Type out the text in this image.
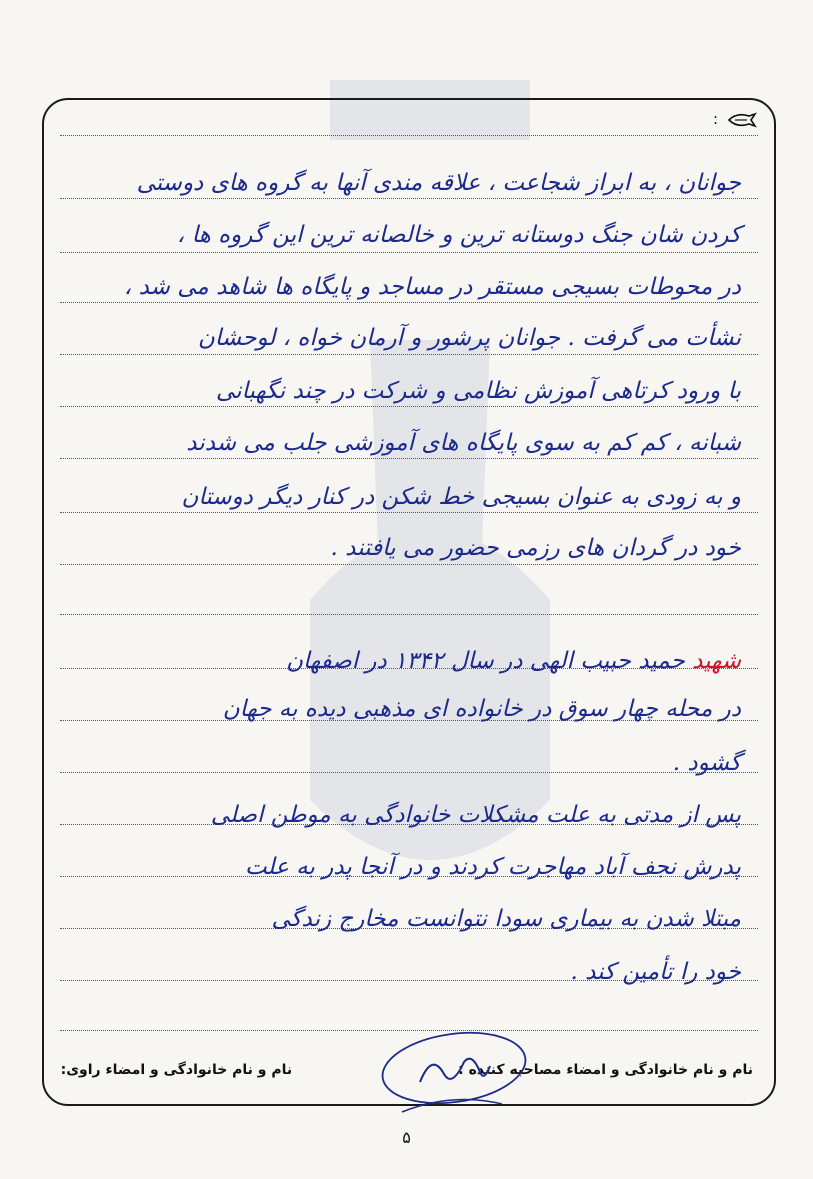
:
جوانان ، به ابراز شجاعت ، علاقه مندی آنها به گروه های دوستی
کردن شان جنگ دوستانه ترین و خالصانه ترین این گروه ها ،
در محوطات بسیجی مستقر در مساجد و پایگاه ها شاهد می شد ،
نشأت می گرفت . جوانان پرشور و آرمان خواه ، لوحشان
با ورود کرتاهی آموزش نظامی و شرکت در چند نگهبانی
شبانه ، کم کم به سوی پایگاه های آموزشی جلب می شدند
و به زودی به عنوان بسیجی خط شکن در کنار دیگر دوستان
خود در گردان های رزمی حضور می یافتند .
شهید حمید حبیب الهی در سال ۱۳۴۲ در اصفهان
در محله چهار سوق در خانواده ای مذهبی دیده به جهان
گشود .
پس از مدتی به علت مشکلات خانوادگی به موطن اصلی
پدرش نجف آباد مهاجرت کردند و در آنجا پدر به علت
مبتلا شدن به بیماری سودا نتوانست مخارج زندگی
خود را تأمین کند .
نام و نام خانوادگی و امضاء مصاحبه کننده :
نام و نام خانوادگی و امضاء راوی:
۵
